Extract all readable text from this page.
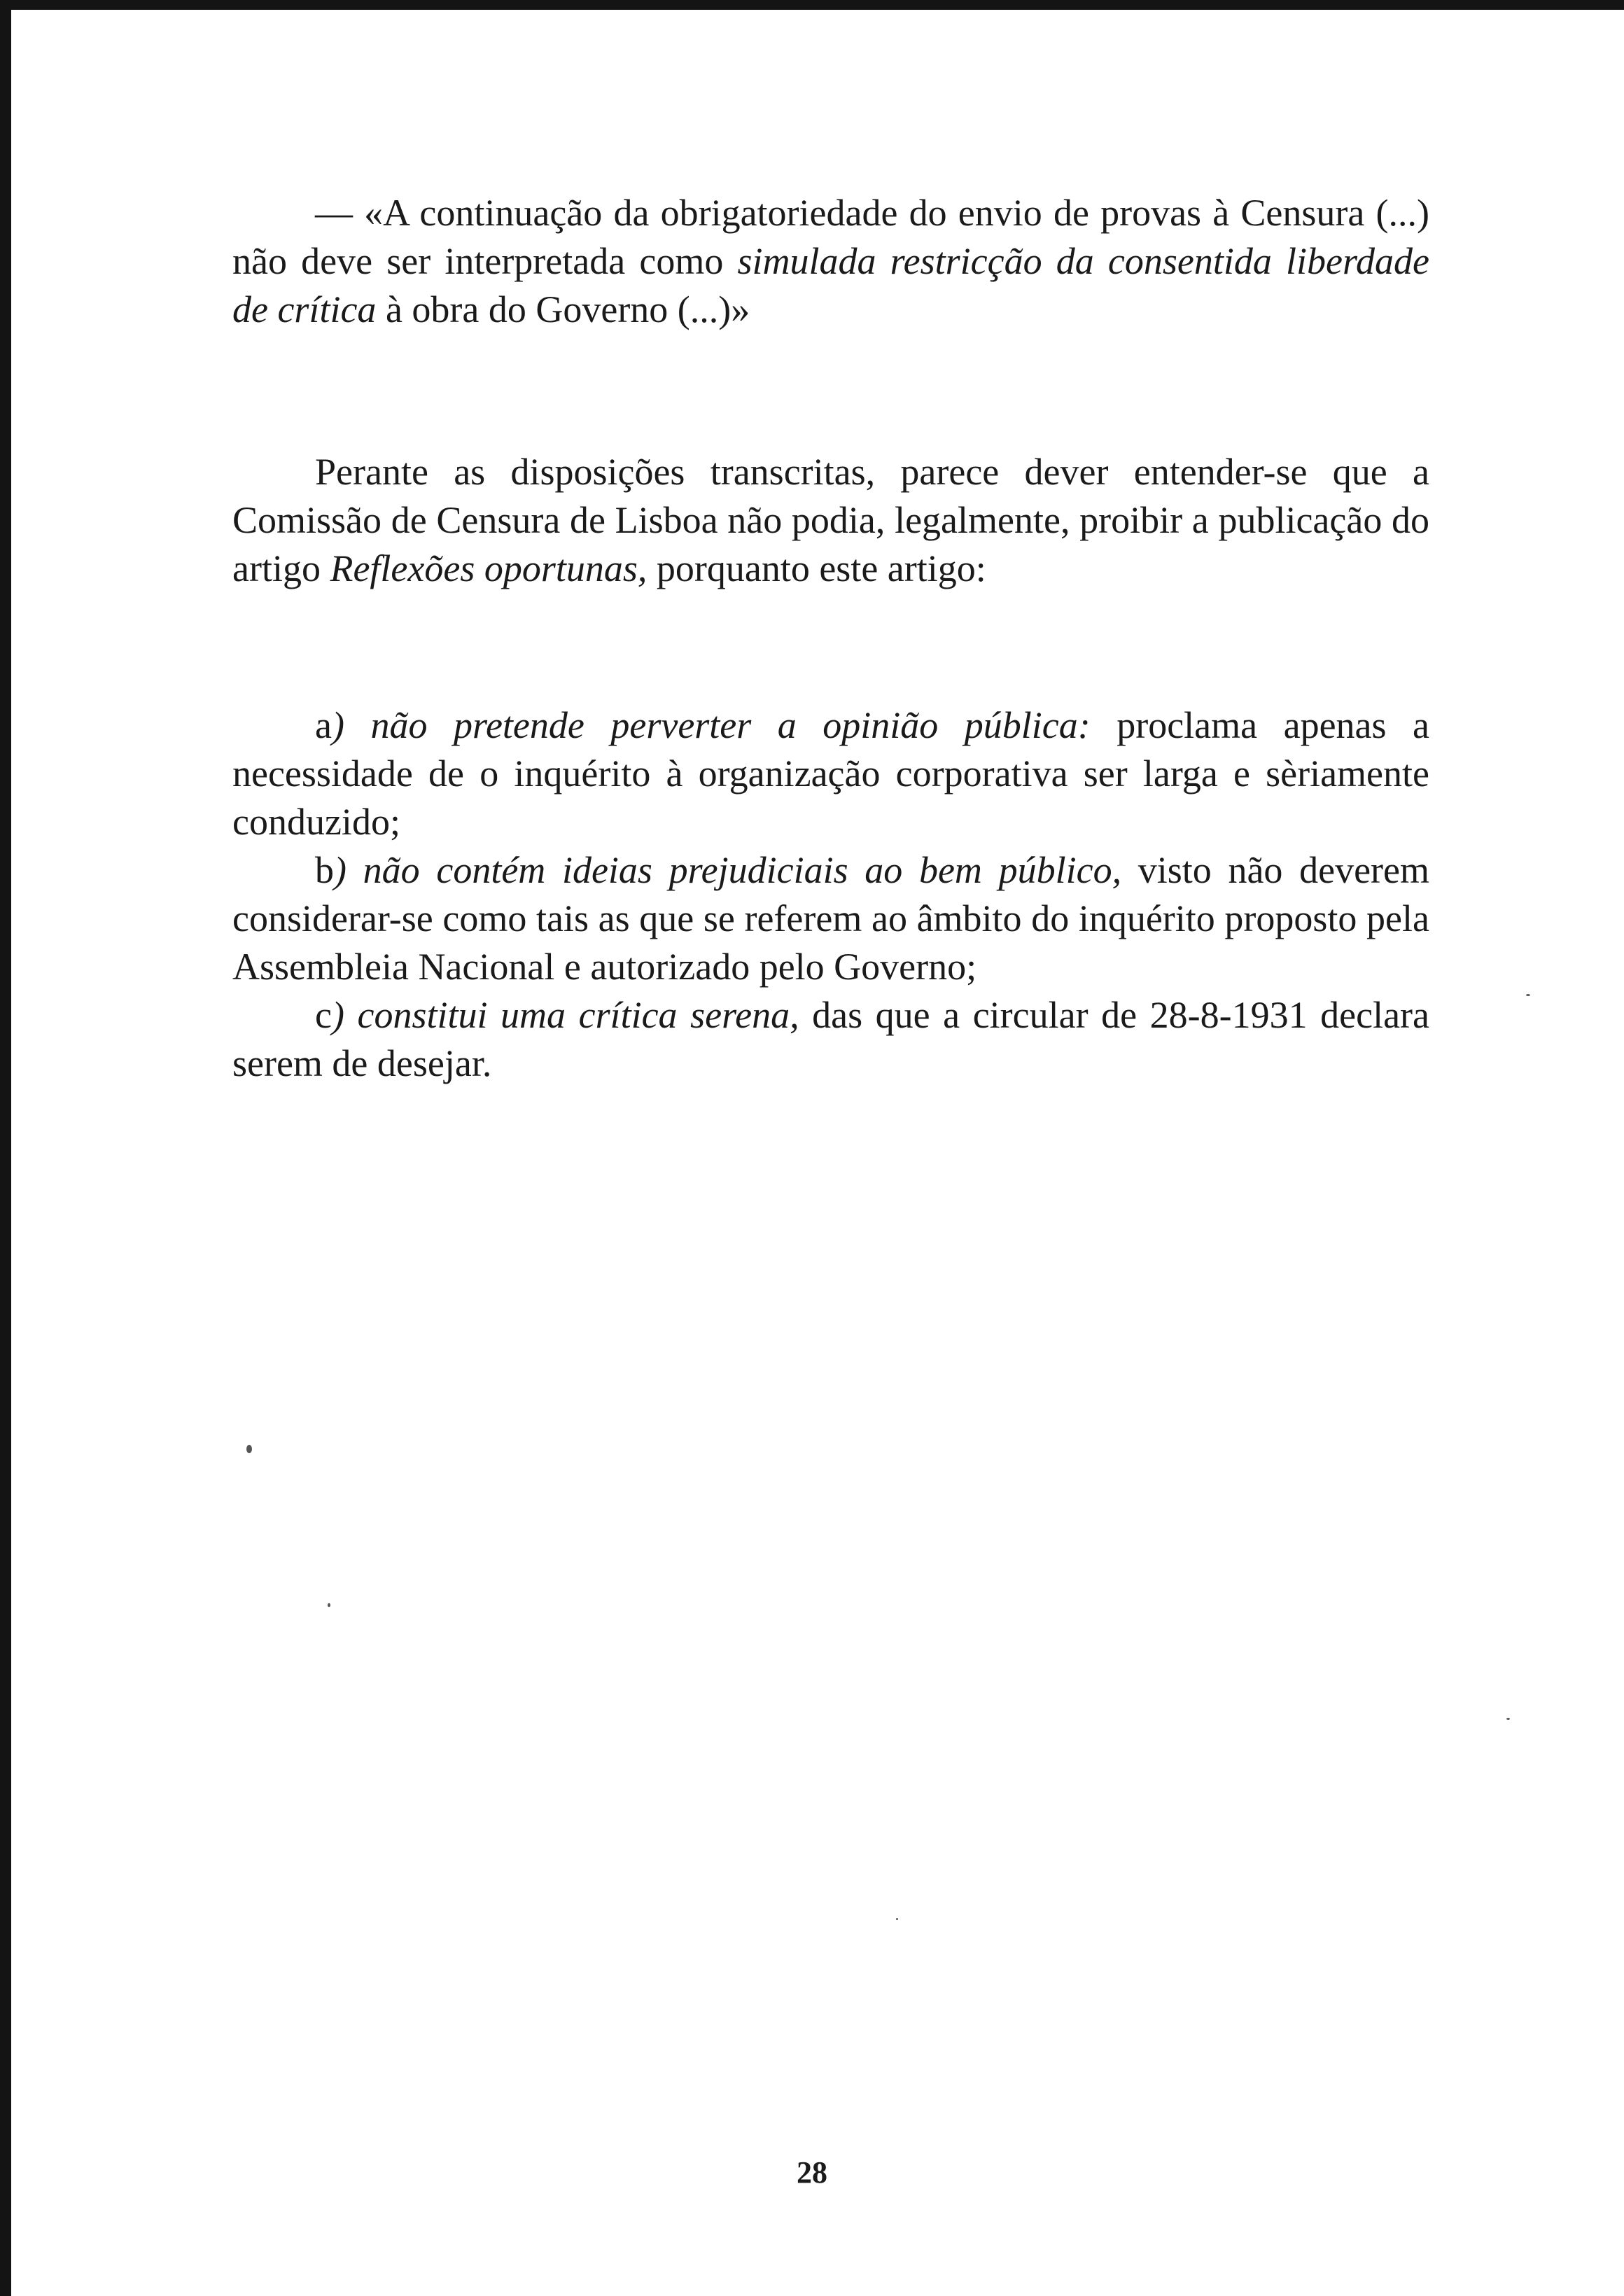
— «A continuação da obrigatoriedade do envio de provas à Censura (...) não deve ser interpretada como simulada restricção da consentida liberdade de crítica à obra do Governo (...)»

Perante as disposições transcritas, parece dever entender-se que a Comissão de Censura de Lisboa não podia, legalmente, proibir a publicação do artigo Reflexões oportunas, porquanto este artigo:

a) não pretende perverter a opinião pública: proclama apenas a necessidade de o inquérito à organização corporativa ser larga e sèriamente conduzido;

b) não contém ideias prejudiciais ao bem público, visto não deverem considerar-se como tais as que se referem ao âmbito do inquérito proposto pela Assembleia Nacional e autorizado pelo Governo;

c) constitui uma crítica serena, das que a circular de 28-8-1931 declara serem de desejar.

28
